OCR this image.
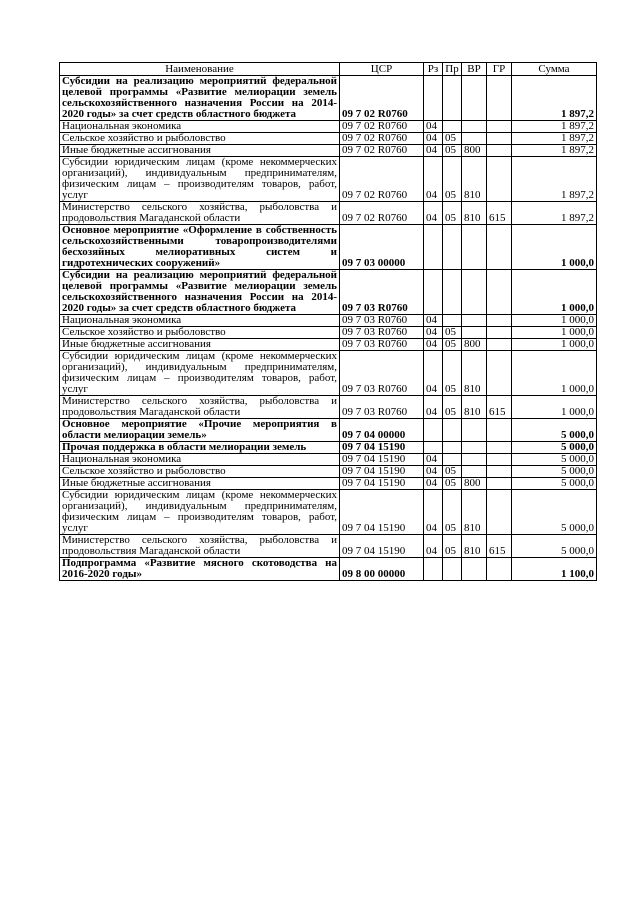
Наименование	ЦСР	Рз	Пр	ВР	ГР	Сумма
Субсидии на реализацию мероприятий федеральной целевой программы «Развитие мелиорации земель сельскохозяйственного назначения России на 2014-2020 годы» за счет средств областного бюджета	09 7 02 R0760					1 897,2
Национальная экономика	09 7 02 R0760	04				1 897,2
Сельское хозяйство и рыболовство	09 7 02 R0760	04	05			1 897,2
Иные бюджетные ассигнования	09 7 02 R0760	04	05	800		1 897,2
Субсидии юридическим лицам (кроме некоммерческих организаций), индивидуальным предпринимателям, физическим лицам – производителям товаров, работ, услуг	09 7 02 R0760	04	05	810		1 897,2
Министерство сельского хозяйства, рыболовства и продовольствия Магаданской области	09 7 02 R0760	04	05	810	615	1 897,2
Основное мероприятие «Оформление в собственность сельскохозяйственными товаропроизводителями бесхозяйных мелиоративных систем и гидротехнических сооружений»	09 7 03 00000					1 000,0
Субсидии на реализацию мероприятий федеральной целевой программы «Развитие мелиорации земель сельскохозяйственного назначения России на 2014-2020 годы» за счет средств областного бюджета	09 7 03 R0760					1 000,0
Национальная экономика	09 7 03 R0760	04				1 000,0
Сельское хозяйство и рыболовство	09 7 03 R0760	04	05			1 000,0
Иные бюджетные ассигнования	09 7 03 R0760	04	05	800		1 000,0
Субсидии юридическим лицам (кроме некоммерческих организаций), индивидуальным предпринимателям, физическим лицам – производителям товаров, работ, услуг	09 7 03 R0760	04	05	810		1 000,0
Министерство сельского хозяйства, рыболовства и продовольствия Магаданской области	09 7 03 R0760	04	05	810	615	1 000,0
Основное мероприятие «Прочие мероприятия в области мелиорации земель»	09 7 04 00000					5 000,0
Прочая поддержка в области мелиорации земель	09 7 04 15190					5 000,0
Национальная экономика	09 7 04 15190	04				5 000,0
Сельское хозяйство и рыболовство	09 7 04 15190	04	05			5 000,0
Иные бюджетные ассигнования	09 7 04 15190	04	05	800		5 000,0
Субсидии юридическим лицам (кроме некоммерческих организаций), индивидуальным предпринимателям, физическим лицам – производителям товаров, работ, услуг	09 7 04 15190	04	05	810		5 000,0
Министерство сельского хозяйства, рыболовства и продовольствия Магаданской области	09 7 04 15190	04	05	810	615	5 000,0
Подпрограмма «Развитие мясного скотоводства на 2016-2020 годы»	09 8 00 00000					1 100,0
